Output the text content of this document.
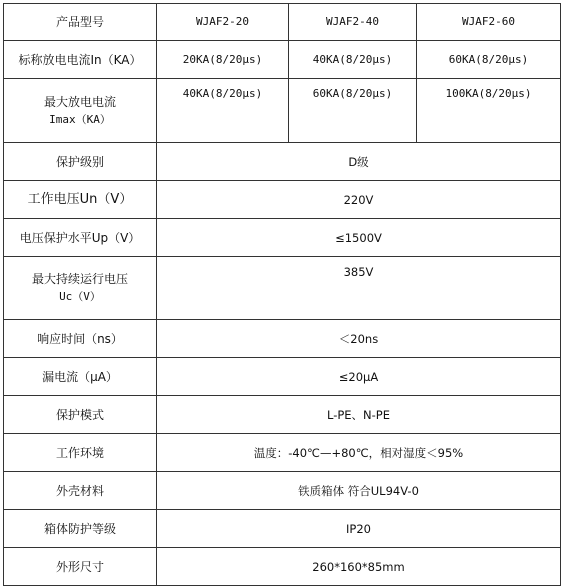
产品型号	WJAF2-20	WJAF2-40	WJAF2-60
标称放电电流In（KA）	20KA(8/20μs)	40KA(8/20μs)	60KA(8/20μs)

最大放电电流
Imax（KA）	40KA(8/20μs)	60KA(8/20μs)	100KA(8/20μs)
保护级别	D级		
工作电压Un（V）	220V		
电压保护水平Up（V）	≤1500V		

最大持续运行电压
Uc（V）	385V		
响应时间（ns）	＜20ns		
漏电流（μA）	≤20μA		
保护模式	L-PE、N-PE		
工作环境	温度：-40℃—+80℃，相对湿度＜95%		
外壳材料	铁质箱体 符合UL94V-0		
箱体防护等级	IP20		
外形尺寸	260*160*85mm		
